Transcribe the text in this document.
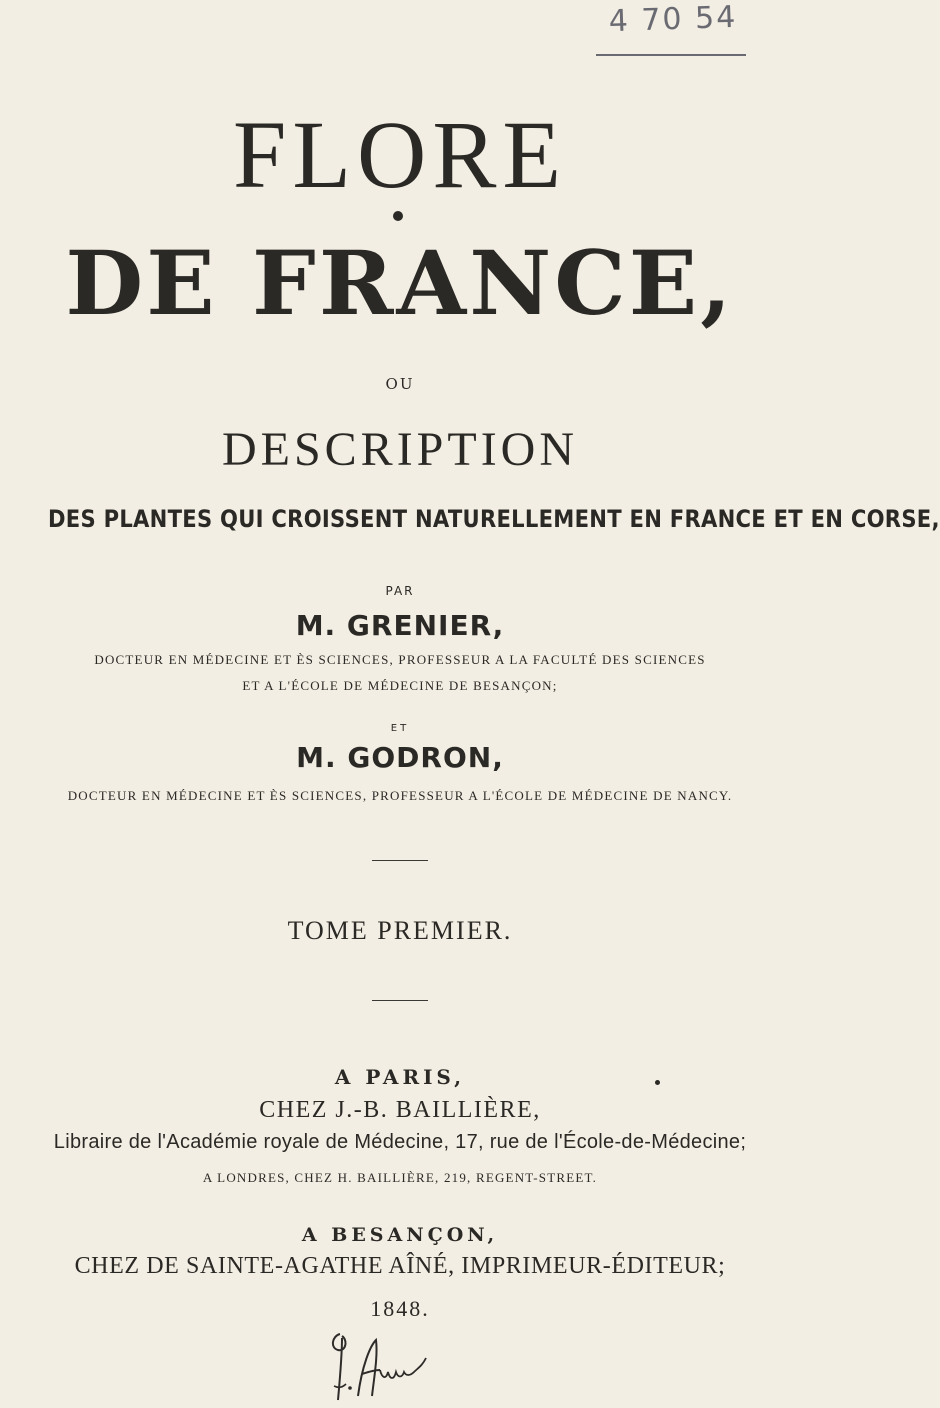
4 70 54
FLORE
DE FRANCE,
OU
DESCRIPTION
DES PLANTES QUI CROISSENT NATURELLEMENT EN FRANCE ET EN CORSE,
PAR
M. GRENIER,
DOCTEUR EN MÉDECINE ET ÈS SCIENCES, PROFESSEUR A LA FACULTÉ DES SCIENCES
ET A L'ÉCOLE DE MÉDECINE DE BESANÇON;
ET
M. GODRON,
DOCTEUR EN MÉDECINE ET ÈS SCIENCES, PROFESSEUR A L'ÉCOLE DE MÉDECINE DE NANCY.
TOME PREMIER.
A PARIS,
CHEZ J.-B. BAILLIÈRE,
Libraire de l'Académie royale de Médecine, 17, rue de l'École-de-Médecine;
A LONDRES, CHEZ H. BAILLIÈRE, 219, REGENT-STREET.
A BESANÇON,
CHEZ DE SAINTE-AGATHE AÎNÉ, IMPRIMEUR-ÉDITEUR;
1848.
